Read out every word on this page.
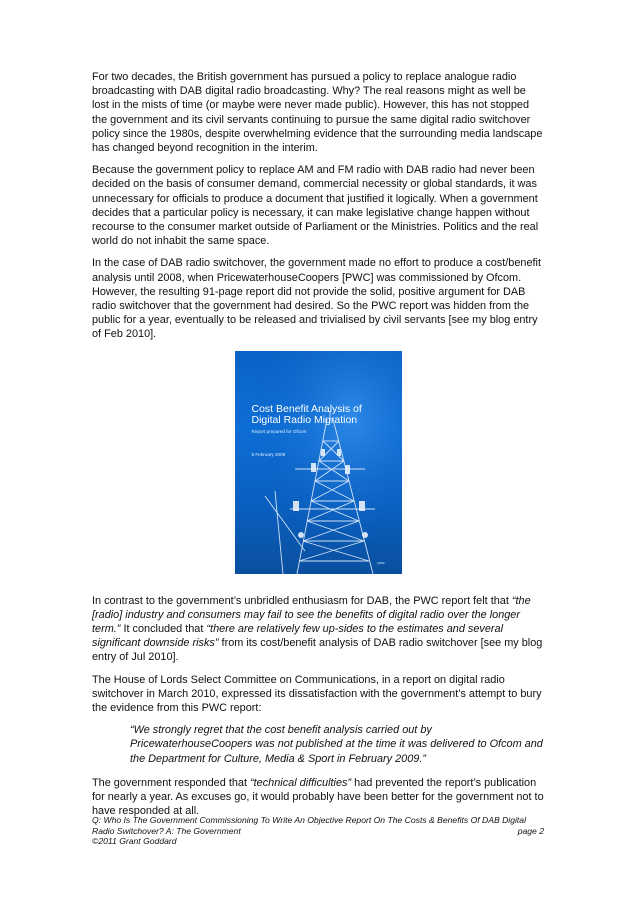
For two decades, the British government has pursued a policy to replace analogue radio broadcasting with DAB digital radio broadcasting. Why? The real reasons might as well be lost in the mists of time (or maybe were never made public). However, this has not stopped the government and its civil servants continuing to pursue the same digital radio switchover policy since the 1980s, despite overwhelming evidence that the surrounding media landscape has changed beyond recognition in the interim.

Because the government policy to replace AM and FM radio with DAB radio had never been decided on the basis of consumer demand, commercial necessity or global standards, it was unnecessary for officials to produce a document that justified it logically. When a government decides that a particular policy is necessary, it can make legislative change happen without recourse to the consumer market outside of Parliament or the Ministries. Politics and the real world do not inhabit the same space.

In the case of DAB radio switchover, the government made no effort to produce a cost/benefit analysis until 2008, when PricewaterhouseCoopers [PWC] was commissioned by Ofcom. However, the resulting 91-page report did not provide the solid, positive argument for DAB radio switchover that the government had desired. So the PWC report was hidden from the public for a year, eventually to be released and trivialised by civil servants [see my blog entry of Feb 2010].

Cost Benefit Analysis of
Digital Radio Migration
Report prepared for Ofcom
8 February 2009
pwc

In contrast to the government’s unbridled enthusiasm for DAB, the PWC report felt that “the [radio] industry and consumers may fail to see the benefits of digital radio over the longer term.” It concluded that “there are relatively few up-sides to the estimates and several significant downside risks” from its cost/benefit analysis of DAB radio switchover [see my blog entry of Jul 2010].

The House of Lords Select Committee on Communications, in a report on digital radio switchover in March 2010, expressed its dissatisfaction with the government’s attempt to bury the evidence from this PWC report:

“We strongly regret that the cost benefit analysis carried out by PricewaterhouseCoopers was not published at the time it was delivered to Ofcom and the Department for Culture, Media & Sport in February 2009.”

The government responded that “technical difficulties” had prevented the report’s publication for nearly a year. As excuses go, it would probably have been better for the government not to have responded at all.

Q: Who Is The Government Commissioning To Write An Objective Report On The Costs & Benefits Of DAB Digital
Radio Switchover? A: The Government	page 2
©2011 Grant Goddard
